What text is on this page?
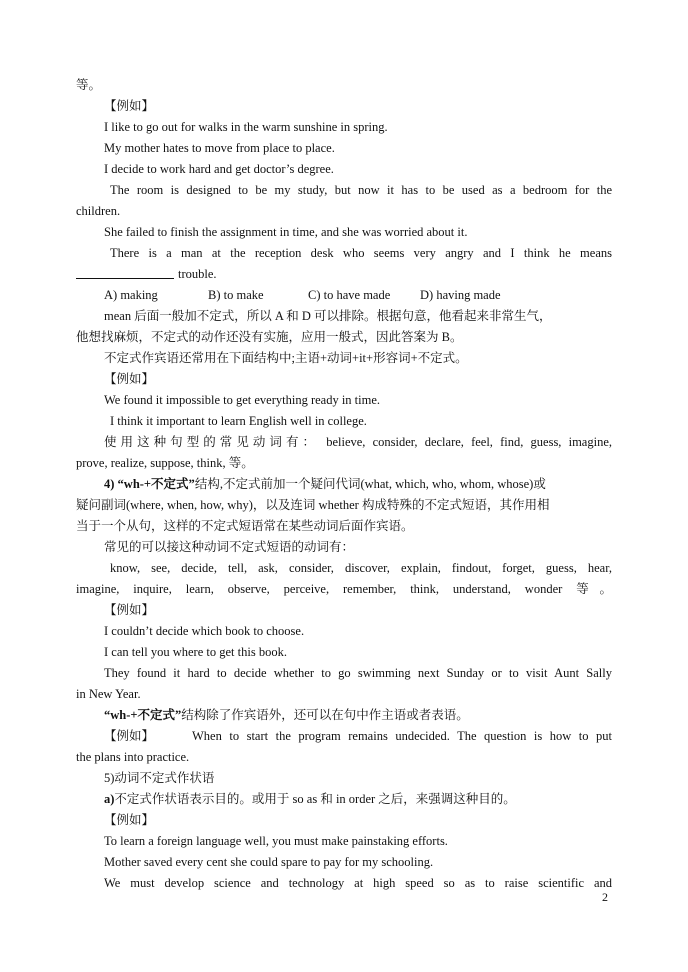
等。
【例如】
I like to go out for walks in the warm sunshine in spring.
My mother hates to move from place to place.
I decide to work hard and get doctor’s degree.
The room is designed to be my study, but now it has to be used as a bedroom for the
children.
She failed to finish the assignment in time, and she was worried about it.
There is a man at the reception desk who seems very angry and I think he means
trouble.
A) making	B) to make	C) to have made D) having made
mean 后面一般加不定式，所以 A 和 D 可以排除。根据句意，他看起来非常生气，
他想找麻烦，不定式的动作还没有实施，应用一般式，因此答案为 B。
不定式作宾语还常用在下面结构中;主语+动词+it+形容词+不定式。
【例如】
We found it impossible to get everything ready in time.
I think it important to learn English well in college.
使用这种句型的常见动词有： believe, consider, declare, feel, find, guess, imagine,
prove, realize, suppose, think, 等。
4) “wh-+不定式”结构,不定式前加一个疑问代词(what, which, who, whom, whose)或
疑问副词(where, when, how, why)，以及连词 whether 构成特殊的不定式短语，其作用相
当于一个从句，这样的不定式短语常在某些动词后面作宾语。
常见的可以接这种动词不定式短语的动词有：
know, see, decide, tell, ask, consider, discover, explain, findout, forget, guess, hear,
imagine, inquire, learn, observe, perceive, remember, think, understand, wonder 等。
【例如】
I couldn’t decide which book to choose.
I can tell you where to get this book.
They found it hard to decide whether to go swimming next Sunday or to visit Aunt Sally
in New Year.
“wh-+不定式”结构除了作宾语外，还可以在句中作主语或者表语。
【例如】	When to start the program remains undecided. The question is how to put
the plans into practice.
5)动词不定式作状语
a)不定式作状语表示目的。或用于 so as 和 in order 之后，来强调这种目的。
【例如】
To learn a foreign language well, you must make painstaking efforts.
Mother saved every cent she could spare to pay for my schooling.
We must develop science and technology at high speed so as to raise scientific and
2
